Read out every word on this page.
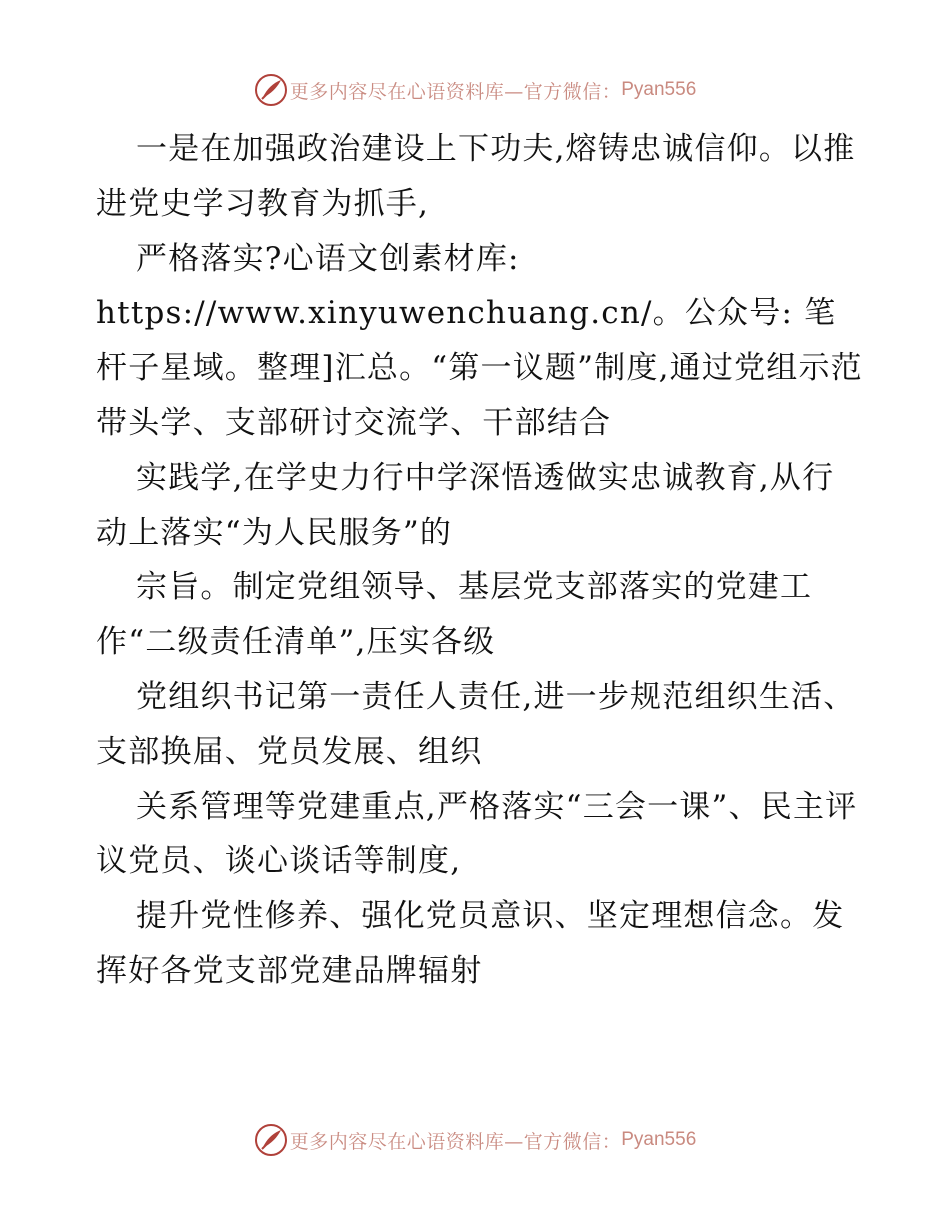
更多内容尽在心语资料库—官方微信： Pyan556

一是在加强政治建设上下功夫,熔铸忠诚信仰。以推进党史学习教育为抓手,

严格落实?心语文创素材库: https://www.xinyuwenchuang.cn/。公众号: 笔杆子星域。整理]汇总。“第一议题”制度,通过党组示范带头学、支部研讨交流学、干部结合

实践学,在学史力行中学深悟透做实忠诚教育,从行动上落实“为人民服务”的

宗旨。制定党组领导、基层党支部落实的党建工作“二级责任清单”,压实各级

党组织书记第一责任人责任,进一步规范组织生活、支部换届、党员发展、组织

关系管理等党建重点,严格落实“三会一课”、民主评议党员、谈心谈话等制度,

提升党性修养、强化党员意识、坚定理想信念。发挥好各党支部党建品牌辐射

更多内容尽在心语资料库—官方微信： Pyan556
